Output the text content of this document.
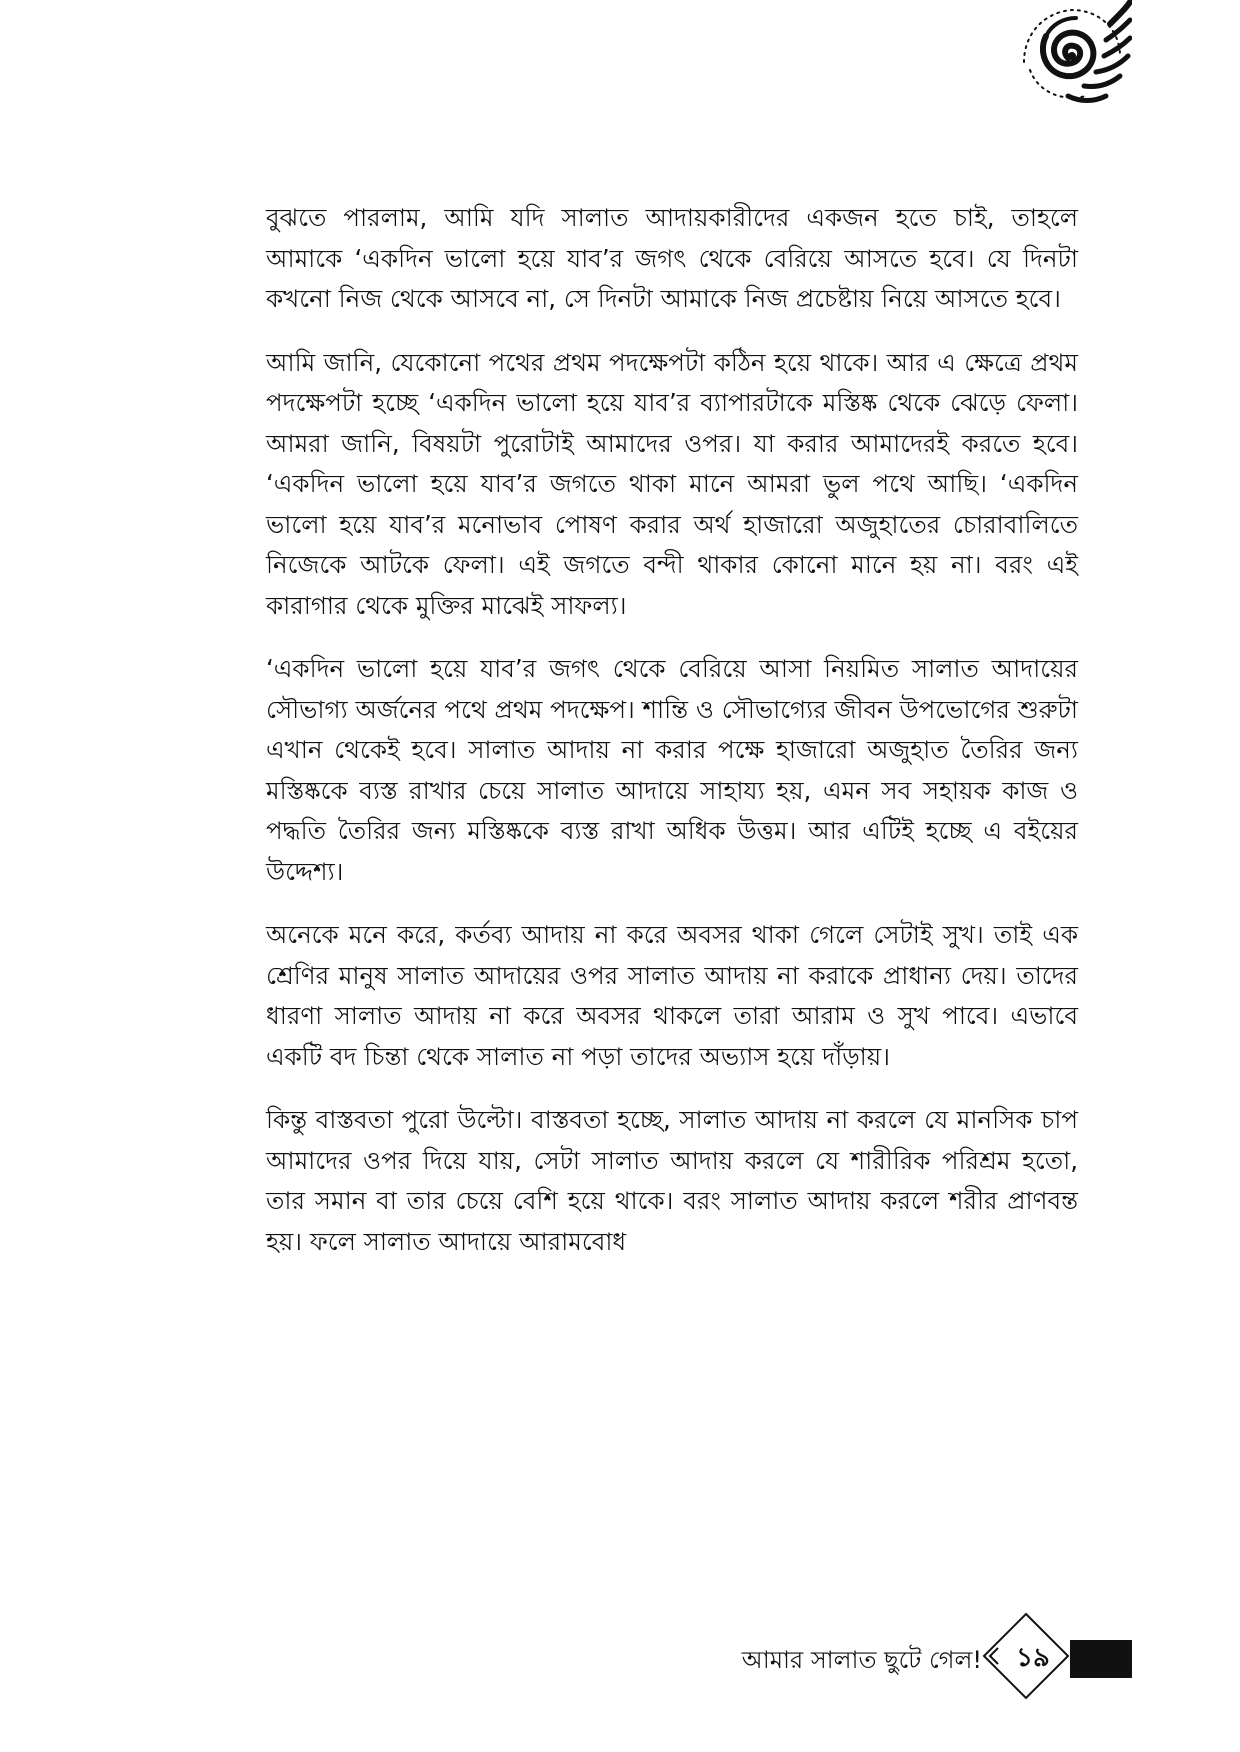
বুঝতে পারলাম, আমি যদি সালাত আদায়কারীদের একজন হতে চাই, তাহলে আমাকে ‘একদিন ভালো হয়ে যাব’র জগৎ থেকে বেরিয়ে আসতে হবে। যে দিনটা কখনো নিজ থেকে আসবে না, সে দিনটা আমাকে নিজ প্রচেষ্টায় নিয়ে আসতে হবে।

আমি জানি, যেকোনো পথের প্রথম পদক্ষেপটা কঠিন হয়ে থাকে। আর এ ক্ষেত্রে প্রথম পদক্ষেপটা হচ্ছে ‘একদিন ভালো হয়ে যাব’র ব্যাপারটাকে মস্তিষ্ক থেকে ঝেড়ে ফেলা। আমরা জানি, বিষয়টা পুরোটাই আমাদের ওপর। যা করার আমাদেরই করতে হবে। ‘একদিন ভালো হয়ে যাব’র জগতে থাকা মানে আমরা ভুল পথে আছি। ‘একদিন ভালো হয়ে যাব’র মনোভাব পোষণ করার অর্থ হাজারো অজুহাতের চোরাবালিতে নিজেকে আটকে ফেলা। এই জগতে বন্দী থাকার কোনো মানে হয় না। বরং এই কারাগার থেকে মুক্তির মাঝেই সাফল্য।

‘একদিন ভালো হয়ে যাব’র জগৎ থেকে বেরিয়ে আসা নিয়মিত সালাত আদায়ের সৌভাগ্য অর্জনের পথে প্রথম পদক্ষেপ। শান্তি ও সৌভাগ্যের জীবন উপভোগের শুরুটা এখান থেকেই হবে। সালাত আদায় না করার পক্ষে হাজারো অজুহাত তৈরির জন্য মস্তিষ্ককে ব্যস্ত রাখার চেয়ে সালাত আদায়ে সাহায্য হয়, এমন সব সহায়ক কাজ ও পদ্ধতি তৈরির জন্য মস্তিষ্ককে ব্যস্ত রাখা অধিক উত্তম। আর এটিই হচ্ছে এ বইয়ের উদ্দেশ্য।

অনেকে মনে করে, কর্তব্য আদায় না করে অবসর থাকা গেলে সেটাই সুখ। তাই এক শ্রেণির মানুষ সালাত আদায়ের ওপর সালাত আদায় না করাকে প্রাধান্য দেয়। তাদের ধারণা সালাত আদায় না করে অবসর থাকলে তারা আরাম ও সুখ পাবে। এভাবে একটি বদ চিন্তা থেকে সালাত না পড়া তাদের অভ্যাস হয়ে দাঁড়ায়।

কিন্তু বাস্তবতা পুরো উল্টো। বাস্তবতা হচ্ছে, সালাত আদায় না করলে যে মানসিক চাপ আমাদের ওপর দিয়ে যায়, সেটা সালাত আদায় করলে যে শারীরিক পরিশ্রম হতো, তার সমান বা তার চেয়ে বেশি হয়ে থাকে। বরং সালাত আদায় করলে শরীর প্রাণবন্ত হয়। ফলে সালাত আদায়ে আরামবোধ

আমার সালাত ছুটে গেল!	১৯
